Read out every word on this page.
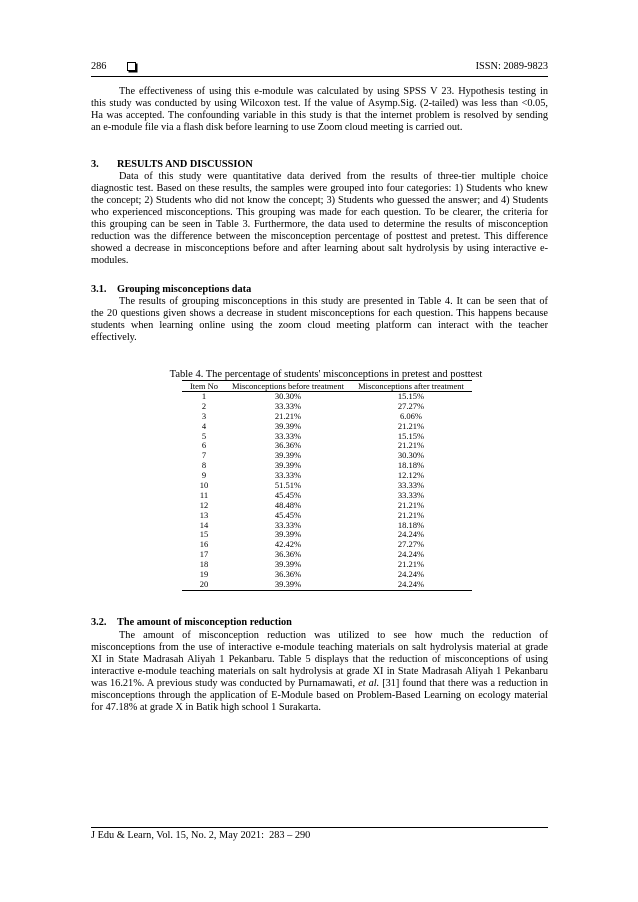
286	ISSN: 2089-9823
The effectiveness of using this e-module was calculated by using SPSS V 23. Hypothesis testing in
this study was conducted by using Wilcoxon test. If the value of Asymp.Sig. (2-tailed) was less than <0.05,
Ha was accepted. The confounding variable in this study is that the internet problem is resolved by sending
an e-module file via a flash disk before learning to use Zoom cloud meeting is carried out.
3. RESULTS AND DISCUSSION
Data of this study were quantitative data derived from the results of three-tier multiple choice
diagnostic test. Based on these results, the samples were grouped into four categories: 1) Students who knew
the concept; 2) Students who did not know the concept; 3) Students who guessed the answer; and 4) Students
who experienced misconceptions. This grouping was made for each question. To be clearer, the criteria for
this grouping can be seen in Table 3. Furthermore, the data used to determine the results of misconception
reduction was the difference between the misconception percentage of posttest and pretest. This difference
showed a decrease in misconceptions before and after learning about salt hydrolysis by using interactive e-
modules.
3.1. Grouping misconceptions data
The results of grouping misconceptions in this study are presented in Table 4. It can be seen that of
the 20 questions given shows a decrease in student misconceptions for each question. This happens because
students when learning online using the zoom cloud meeting platform can interact with the teacher
effectively.
Table 4. The percentage of students' misconceptions in pretest and posttest
Item No	Misconceptions before treatment	Misconceptions after treatment
1	30.30%	15.15%
2	33.33%	27.27%
3	21.21%	6.06%
4	39.39%	21.21%
5	33.33%	15.15%
6	36.36%	21.21%
7	39.39%	30.30%
8	39.39%	18.18%
9	33.33%	12.12%
10	51.51%	33.33%
11	45.45%	33.33%
12	48.48%	21.21%
13	45.45%	21.21%
14	33.33%	18.18%
15	39.39%	24.24%
16	42.42%	27.27%
17	36.36%	24.24%
18	39.39%	21.21%
19	36.36%	24.24%
20	39.39%	24.24%
3.2. The amount of misconception reduction
The amount of misconception reduction was utilized to see how much the reduction of
misconceptions from the use of interactive e-module teaching materials on salt hydrolysis material at grade
XI in State Madrasah Aliyah 1 Pekanbaru. Table 5 displays that the reduction of misconceptions of using
interactive e-module teaching materials on salt hydrolysis at grade XI in State Madrasah Aliyah 1 Pekanbaru
was 16.21%. A previous study was conducted by Purnamawati, et al. [31] found that there was a reduction in
misconceptions through the application of E-Module based on Problem-Based Learning on ecology material
for 47.18% at grade X in Batik high school 1 Surakarta.
J Edu & Learn, Vol. 15, No. 2, May 2021:  283 – 290
